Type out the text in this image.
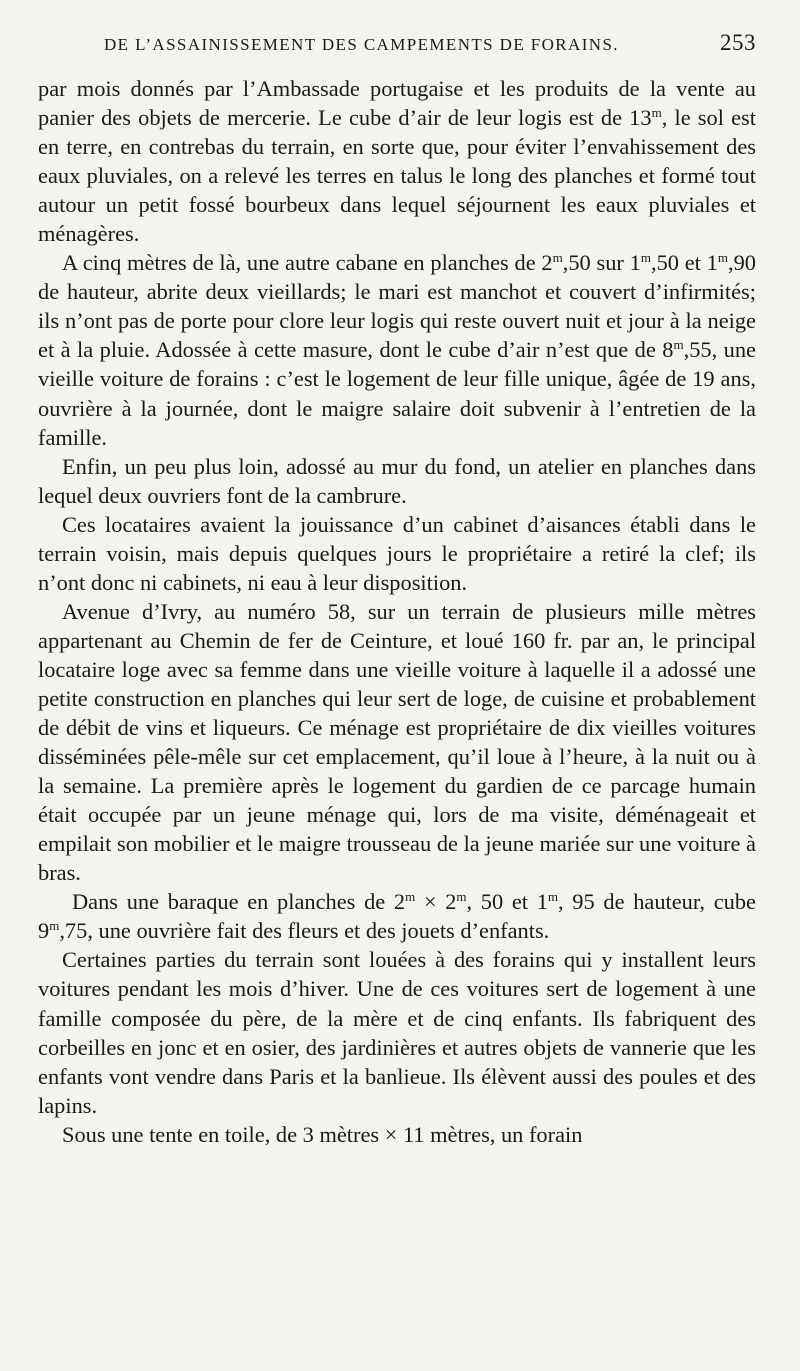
DE L’ASSAINISSEMENT DES CAMPEMENTS DE FORAINS.	253

par mois donnés par l’Ambassade portugaise et les produits de la vente au panier des objets de mercerie. Le cube d’air de leur logis est de 13$^m$, le sol est en terre, en contrebas du terrain, en sorte que, pour éviter l’envahissement des eaux pluviales, on a relevé les terres en talus le long des planches et formé tout autour un petit fossé bourbeux dans lequel séjournent les eaux pluviales et ménagères.

A cinq mètres de là, une autre cabane en planches de 2$^m$,50 sur 1$^m$,50 et 1$^m$,90 de hauteur, abrite deux vieillards; le mari est manchot et couvert d’infirmités; ils n’ont pas de porte pour clore leur logis qui reste ouvert nuit et jour à la neige et à la pluie. Adossée à cette masure, dont le cube d’air n’est que de 8$^m$,55, une vieille voiture de forains : c’est le logement de leur fille unique, âgée de 19 ans, ouvrière à la journée, dont le maigre salaire doit subvenir à l’entretien de la famille.

Enfin, un peu plus loin, adossé au mur du fond, un atelier en planches dans lequel deux ouvriers font de la cambrure.

Ces locataires avaient la jouissance d’un cabinet d’aisances établi dans le terrain voisin, mais depuis quelques jours le propriétaire a retiré la clef; ils n’ont donc ni cabinets, ni eau à leur disposition.

Avenue d’Ivry, au numéro 58, sur un terrain de plusieurs mille mètres appartenant au Chemin de fer de Ceinture, et loué 160 fr. par an, le principal locataire loge avec sa femme dans une vieille voiture à laquelle il a adossé une petite construction en planches qui leur sert de loge, de cuisine et probablement de débit de vins et liqueurs. Ce ménage est propriétaire de dix vieilles voitures disséminées pêle-mêle sur cet emplacement, qu’il loue à l’heure, à la nuit ou à la semaine. La première après le logement du gardien de ce parcage humain était occupée par un jeune ménage qui, lors de ma visite, déménageait et empilait son mobilier et le maigre trousseau de la jeune mariée sur une voiture à bras.

Dans une baraque en planches de $2^m \times 2^m$, 50 et 1$^m$, 95 de hauteur, cube 9$^m$,75, une ouvrière fait des fleurs et des jouets d’enfants.

Certaines parties du terrain sont louées à des forains qui y installent leurs voitures pendant les mois d’hiver. Une de ces voitures sert de logement à une famille composée du père, de la mère et de cinq enfants. Ils fabriquent des corbeilles en jonc et en osier, des jardinières et autres objets de vannerie que les enfants vont vendre dans Paris et la banlieue. Ils élèvent aussi des poules et des lapins.

Sous une tente en toile, de 3 mètres × 11 mètres, un forain
